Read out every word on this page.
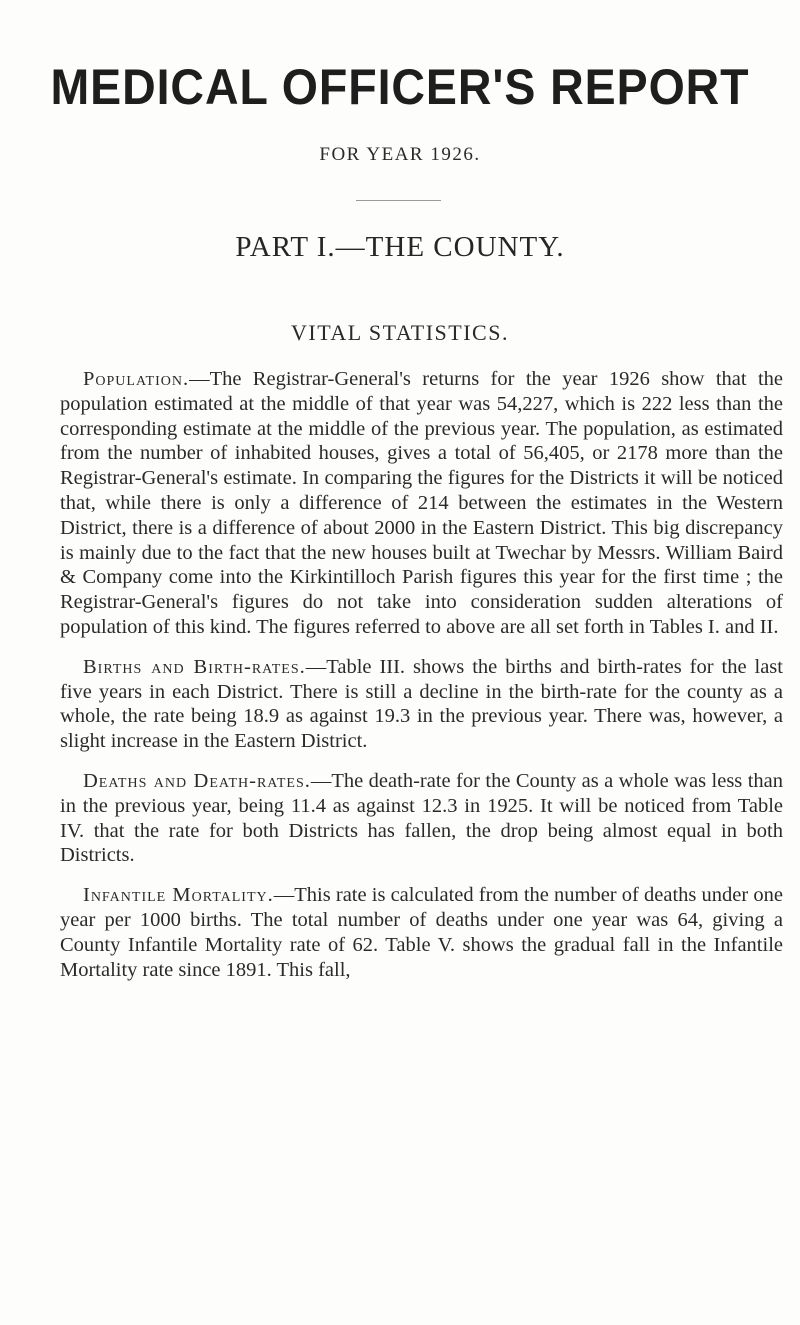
MEDICAL OFFICER'S REPORT
FOR YEAR 1926.
PART I.—THE COUNTY.
VITAL STATISTICS.

Population.—The Registrar-General's returns for the year 1926 show that the population estimated at the middle of that year was 54,227, which is 222 less than the corresponding estimate at the middle of the previous year. The population, as estimated from the number of inhabited houses, gives a total of 56,405, or 2178 more than the Registrar-General's estimate. In comparing the figures for the Districts it will be noticed that, while there is only a difference of 214 between the estimates in the Western District, there is a difference of about 2000 in the Eastern District. This big discrepancy is mainly due to the fact that the new houses built at Twechar by Messrs. William Baird & Company come into the Kirkintilloch Parish figures this year for the first time ; the Registrar-General's figures do not take into consideration sudden alterations of population of this kind. The figures referred to above are all set forth in Tables I. and II.

Births and Birth-rates.—Table III. shows the births and birth-rates for the last five years in each District. There is still a decline in the birth-rate for the county as a whole, the rate being 18.9 as against 19.3 in the previous year. There was, however, a slight increase in the Eastern District.

Deaths and Death-rates.—The death-rate for the County as a whole was less than in the previous year, being 11.4 as against 12.3 in 1925. It will be noticed from Table IV. that the rate for both Districts has fallen, the drop being almost equal in both Districts.

Infantile Mortality.—This rate is calculated from the number of deaths under one year per 1000 births. The total number of deaths under one year was 64, giving a County Infantile Mortality rate of 62. Table V. shows the gradual fall in the Infantile Mortality rate since 1891. This fall,
